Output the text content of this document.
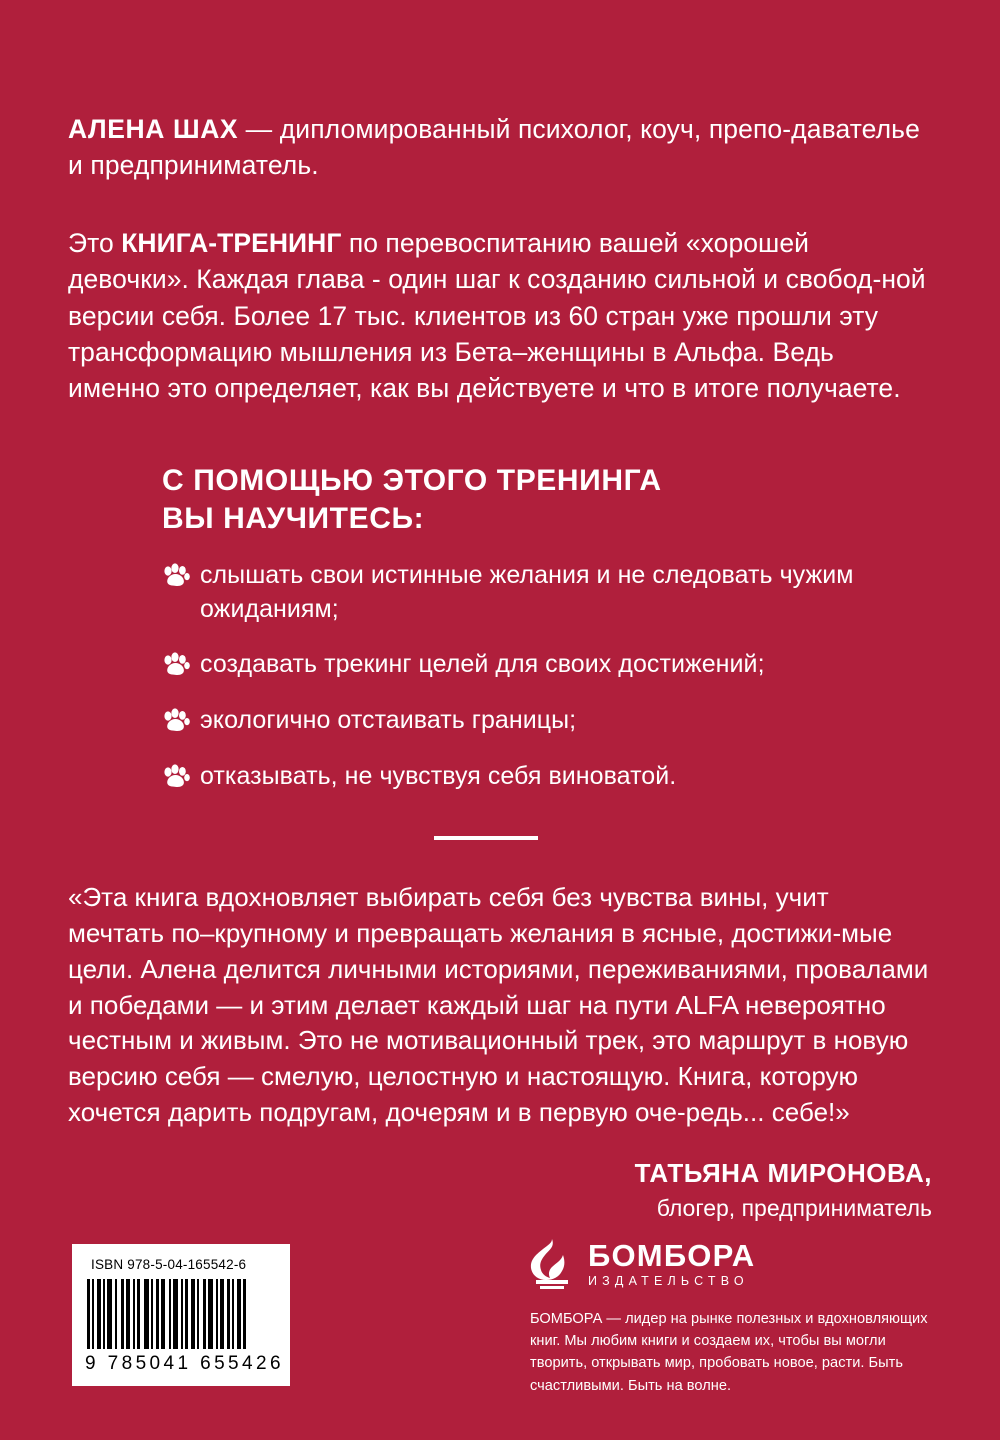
АЛЕНА ШАХ — дипломированный психолог, коуч, препо-давателье и предприниматель.

Это КНИГА-ТРЕНИНГ по перевоспитанию вашей «хорошей девочки». Каждая глава - один шаг к созданию сильной и свобод‑ной версии себя. Более 17 тыс. клиентов из 60 стран уже прошли эту трансформацию мышления из Бета–женщины в Альфа. Ведь именно это определяет, как вы действуете и что в итоге получаете.

С ПОМОЩЬЮ ЭТОГО ТРЕНИНГА
ВЫ НАУЧИТЕСЬ:
слышать свои истинные желания и не следовать чужим ожиданиям;
создавать трекинг целей для своих достижений;
экологично отстаивать границы;
отказывать, не чувствуя себя виноватой.

«Эта книга вдохновляет выбирать себя без чувства вины, учит мечтать по–крупному и превращать желания в ясные, достижи‑мые цели. Алена делится личными историями, переживаниями, провалами и победами — и этим делает каждый шаг на пути ALFA невероятно честным и живым. Это не мотивационный трек, это маршрут в новую версию себя — смелую, целостную и настоящую. Книга, которую хочется дарить подругам, дочерям и в первую оче‑редь... себе!»

ТАТЬЯНА МИРОНОВА,
блогер, предприниматель
ISBN 978-5-04-165542-6
9 785041 655426
БОМБОРА
ИЗДАТЕЛЬСТВО
БОМБОРА — лидер на рынке полезных и вдохновляющих книг. Мы любим книги и создаем их, чтобы вы могли творить, открывать мир, пробовать новое, расти. Быть счастливыми. Быть на волне.
